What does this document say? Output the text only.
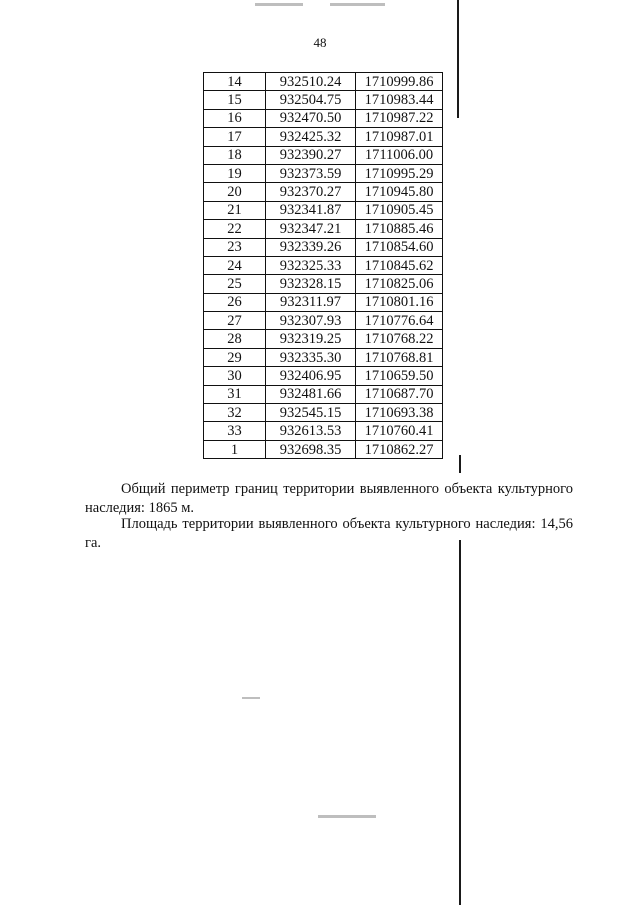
48
14	932510.24	1710999.86
15	932504.75	1710983.44
16	932470.50	1710987.22
17	932425.32	1710987.01
18	932390.27	1711006.00
19	932373.59	1710995.29
20	932370.27	1710945.80
21	932341.87	1710905.45
22	932347.21	1710885.46
23	932339.26	1710854.60
24	932325.33	1710845.62
25	932328.15	1710825.06
26	932311.97	1710801.16
27	932307.93	1710776.64
28	932319.25	1710768.22
29	932335.30	1710768.81
30	932406.95	1710659.50
31	932481.66	1710687.70
32	932545.15	1710693.38
33	932613.53	1710760.41
1	932698.35	1710862.27

Общий периметр границ территории выявленного объекта культурного наследия: 1865 м.

Площадь территории выявленного объекта культурного наследия: 14,56 га.
